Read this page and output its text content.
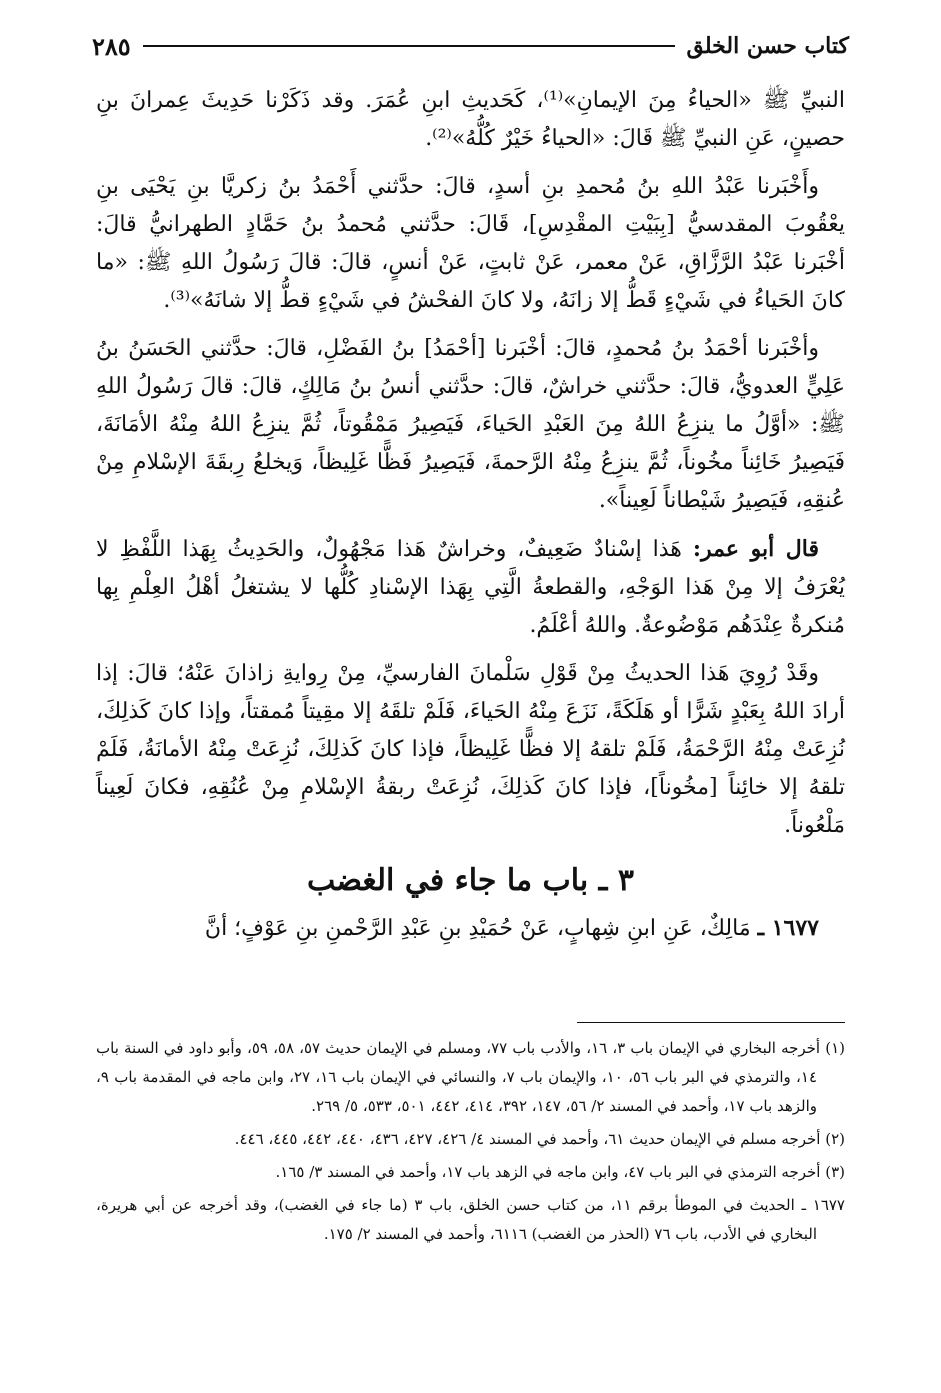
كتاب حسن الخلق
٢٨٥

النبيِّ ﷺ «الحياءُ مِنَ الإيمانِ»⁽¹⁾، كَحَديثِ ابنِ عُمَرَ. وقد ذَكَرْنا حَدِيثَ عِمرانَ بنِ حصينٍ، عَنِ النبيِّ ﷺ قَالَ: «الحياءُ خَيْرٌ كُلُّهُ»⁽²⁾.

وأَخْبَرنا عَبْدُ اللهِ بنُ مُحمدِ بنِ أسدٍ، قالَ: حدَّثني أَحْمَدُ بنُ زكريَّا بنِ يَحْيَى بنِ يعْقُوبَ المقدسيُّ [بِبَيْتِ المقْدِسِ]، قَالَ: حدَّثني مُحمدُ بنُ حَمَّادٍ الطهرانيُّ قالَ: أخْبَرنا عَبْدُ الرَّزَّاقِ، عَنْ معمر، عَنْ ثابتٍ، عَنْ أنسٍ، قالَ: قالَ رَسُولُ اللهِ ﷺ: «ما كانَ الحَياءُ في شَيْءٍ قَطُّ إلا زانَهُ، ولا كانَ الفحْشُ في شَيْءٍ قطُّ إلا شانَهُ»⁽³⁾.

وأخْبَرنا أحْمَدُ بنُ مُحمدٍ، قالَ: أخْبَرنا [أحْمَدُ] بنُ الفَضْلِ، قالَ: حدَّثني الحَسَنُ بنُ عَلِيٍّ العدويُّ، قالَ: حدَّثني خراشٌ، قالَ: حدَّثني أنسُ بنُ مَالِكٍ، قالَ: قالَ رَسُولُ اللهِ ﷺ: «أوَّلُ ما ينزِعُ اللهُ مِنَ العَبْدِ الحَياءَ، فَيَصِيرُ مَمْقُوتاً، ثُمَّ ينزِعُ اللهُ مِنْهُ الأمَانَةَ، فَيَصِيرُ خَائِناً مخُوناً، ثُمَّ ينزِعُ مِنْهُ الرَّحمةَ، فَيَصِيرُ فَظًّا غَلِيظاً، وَيخلعُ رِبقَةَ الإسْلامِ مِنْ عُنقِهِ، فَيَصِيرُ شَيْطاناً لَعِيناً».

قال أبو عمر: هَذا إسْنادٌ ضَعِيفٌ، وخراشٌ هَذا مَجْهُولٌ، والحَدِيثُ بِهَذا اللَّفْظِ لا يُعْرَفُ إلا مِنْ هَذا الوَجْهِ، والقطعةُ الَّتِي بِهَذا الإسْنادِ كُلُّها لا يشتغلُ أهْلُ العِلْمِ بِها مُنكرةٌ عِنْدَهُم مَوْضُوعةٌ. واللهُ أعْلَمُ.

وقَدْ رُوِيَ هَذا الحديثُ مِنْ قَوْلِ سَلْمانَ الفارسيِّ، مِنْ رِوايةِ زاذانَ عَنْهُ؛ قالَ: إذا أرادَ اللهُ بِعَبْدٍ شَرًّا أو هَلَكَةً، نَزَعَ مِنْهُ الحَياءَ، فَلَمْ تلقَهُ إلا مقِيتاً مُمقتاً، وإذا كانَ كَذلِكَ، نُزِعَتْ مِنْهُ الرَّحْمَةُ، فَلَمْ تلقهُ إلا فظًّا غَلِيظاً، فإذا كانَ كَذلِكَ، نُزِعَتْ مِنْهُ الأمانَةُ، فَلَمْ تلقهُ إلا خائِناً [مخُوناً]، فإذا كانَ كَذلِكَ، نُزِعَتْ ربقةُ الإسْلامِ مِنْ عُنُقِهِ، فكانَ لَعِيناً مَلْعُوناً.

٣ ـ باب ما جاء في الغضب

١٦٧٧ ـ مَالِكٌ، عَنِ ابنِ شِهابٍ، عَنْ حُمَيْدِ بنِ عَبْدِ الرَّحْمنِ بنِ عَوْفٍ؛ أنَّ

(١) أخرجه البخاري في الإيمان باب ٣، ١٦، والأدب باب ٧٧، ومسلم في الإيمان حديث ٥٧، ٥٨، ٥٩، وأبو داود في السنة باب ١٤، والترمذي في البر باب ٥٦، ١٠، والإيمان باب ٧، والنسائي في الإيمان باب ١٦، ٢٧، وابن ماجه في المقدمة باب ٩، والزهد باب ١٧، وأحمد في المسند ٢/ ٥٦، ١٤٧، ٣٩٢، ٤١٤، ٤٤٢، ٥٠١، ٥٣٣، ٥/ ٢٦٩.

(٢) أخرجه مسلم في الإيمان حديث ٦١، وأحمد في المسند ٤/ ٤٢٦، ٤٢٧، ٤٣٦، ٤٤٠، ٤٤٢، ٤٤٥، ٤٤٦.

(٣) أخرجه الترمذي في البر باب ٤٧، وابن ماجه في الزهد باب ١٧، وأحمد في المسند ٣/ ١٦٥.

١٦٧٧ ـ الحديث في الموطأ برقم ١١، من كتاب حسن الخلق، باب ٣ (ما جاء في الغضب)، وقد أخرجه عن أبي هريرة، البخاري في الأدب، باب ٧٦ (الحذر من الغضب) ٦١١٦، وأحمد في المسند ٢/ ١٧٥.
